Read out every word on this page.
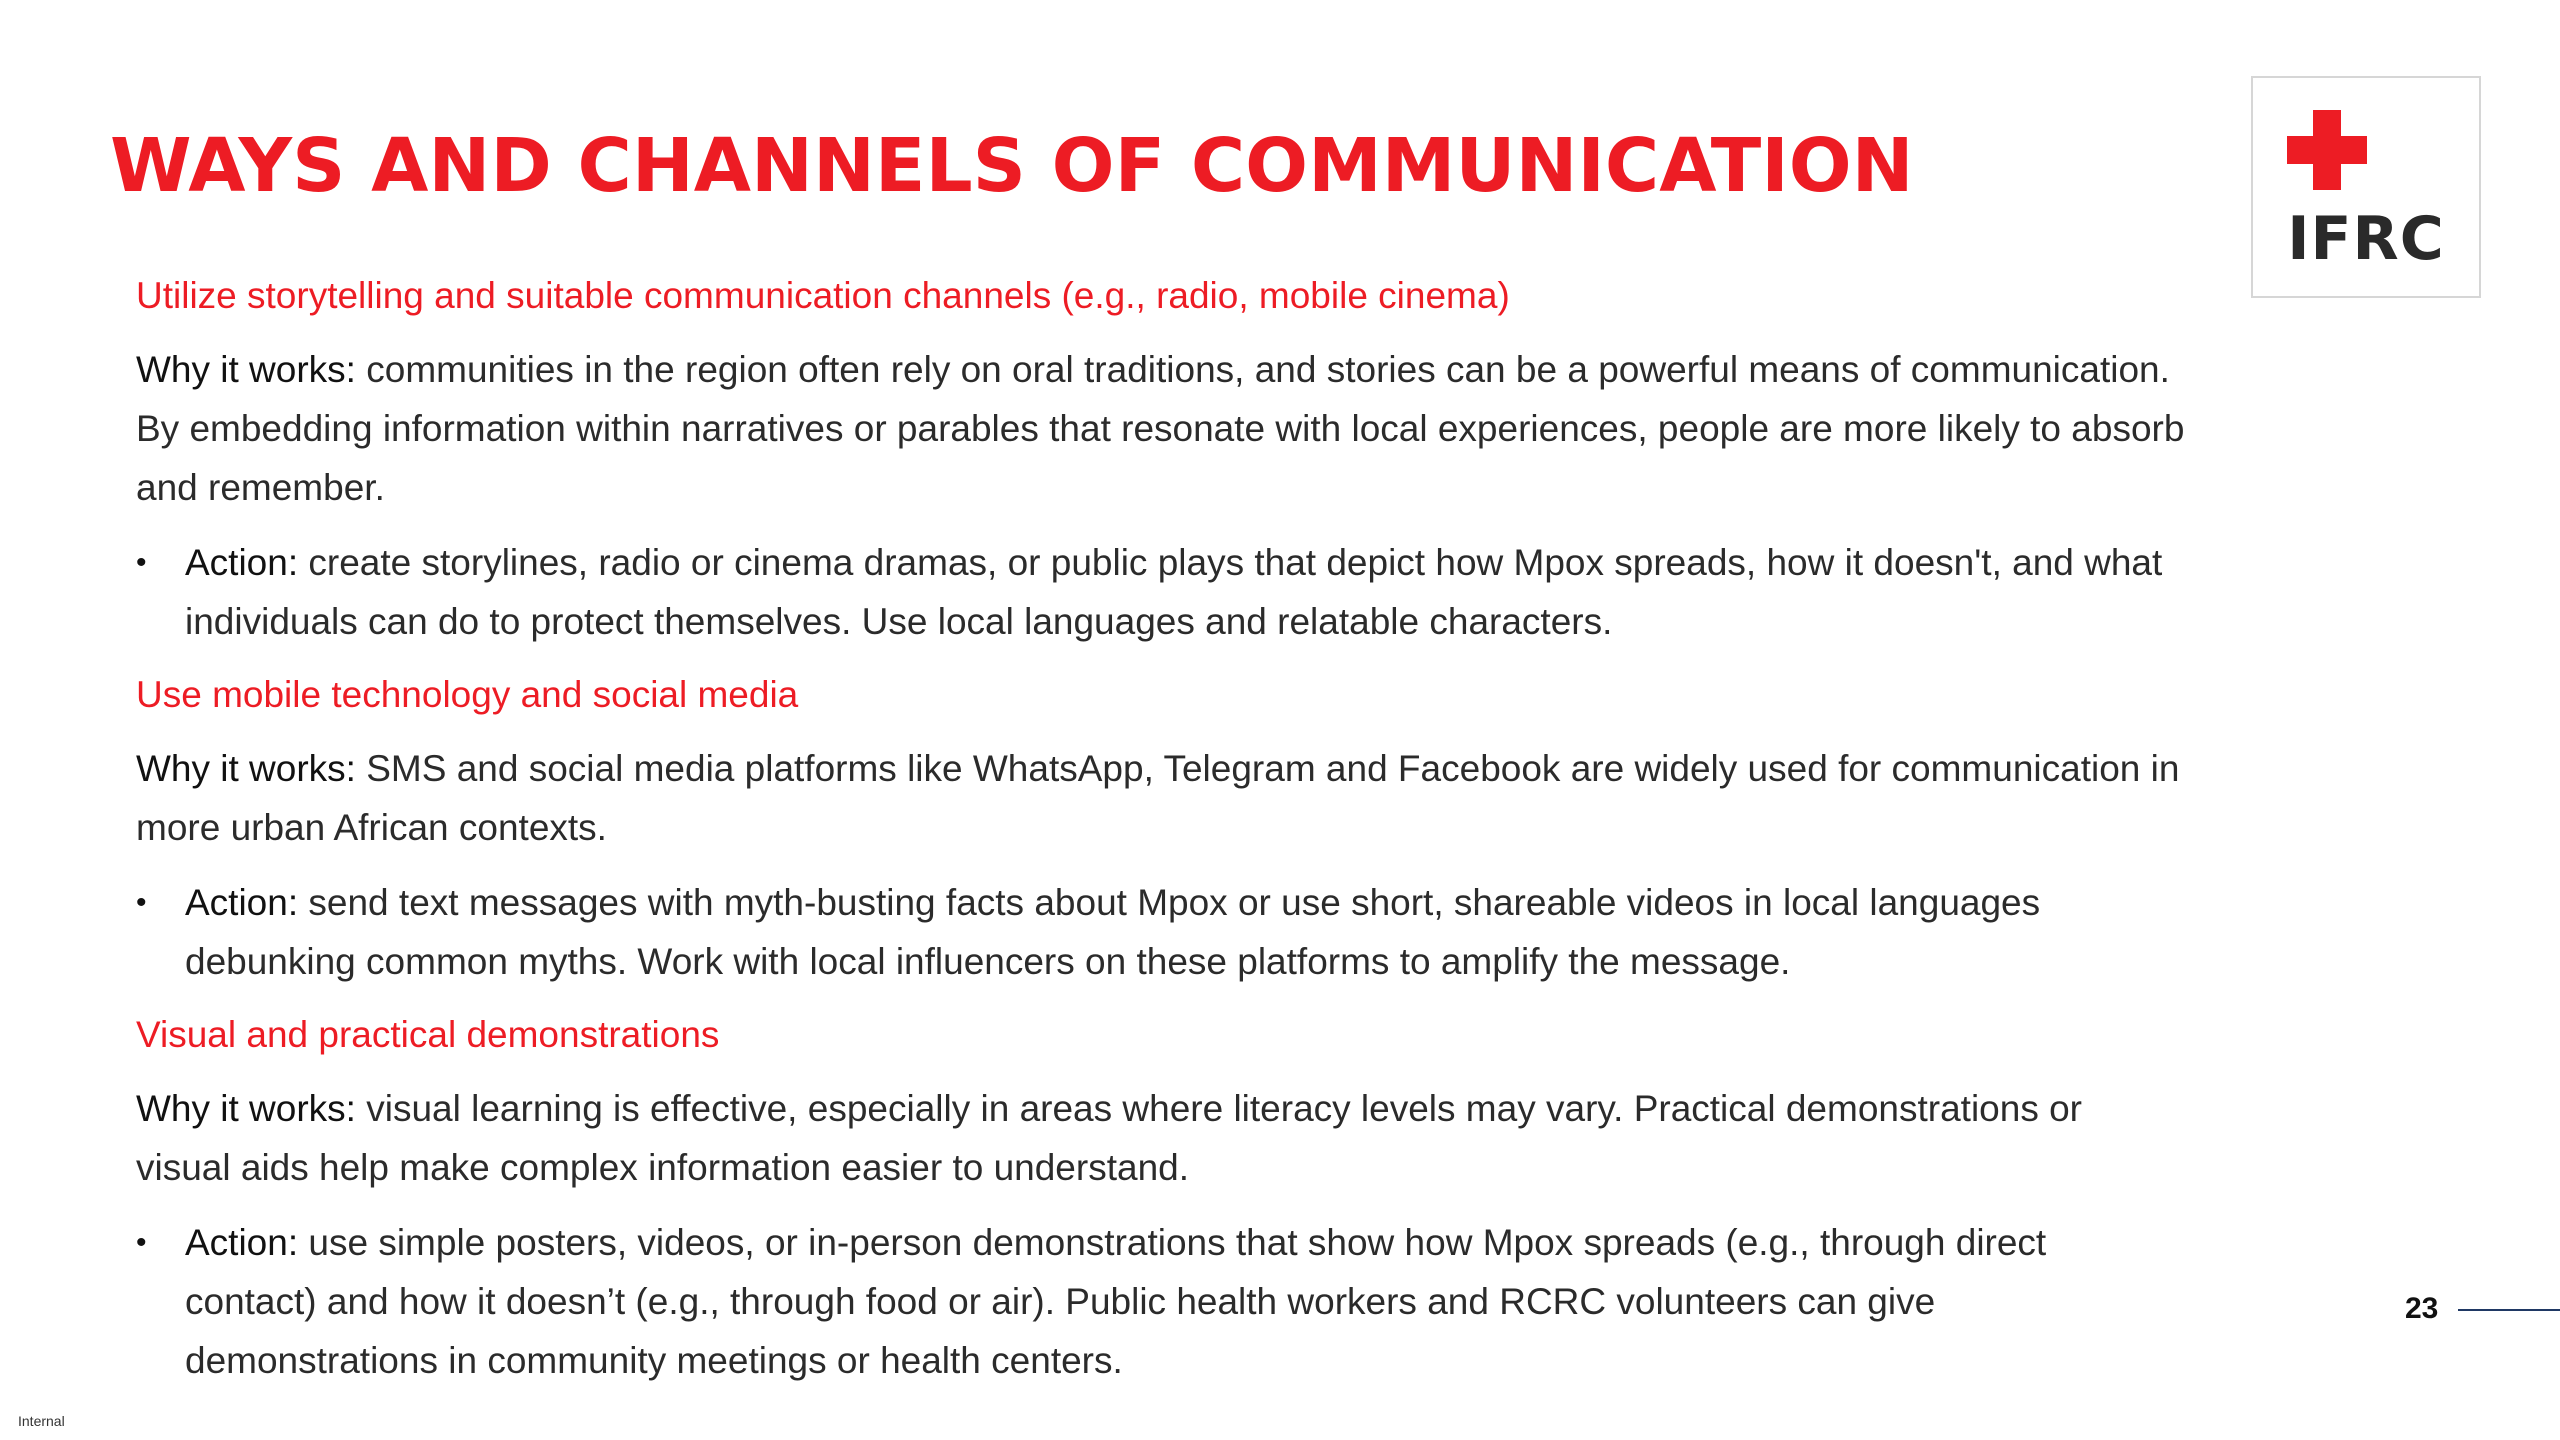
WAYS AND CHANNELS OF COMMUNICATION
IFRC

Utilize storytelling and suitable communication channels (e.g., radio, mobile cinema)

Why it works: communities in the region often rely on oral traditions, and stories can be a powerful means of communication. By embedding information within narratives or parables that resonate with local experiences, people are more likely to absorb and remember.

• Action: create storylines, radio or cinema dramas, or public plays that depict how Mpox spreads, how it doesn't, and what individuals can do to protect themselves. Use local languages and relatable characters.

Use mobile technology and social media

Why it works: SMS and social media platforms like WhatsApp, Telegram and Facebook are widely used for communication in more urban African contexts.

• Action: send text messages with myth-busting facts about Mpox or use short, shareable videos in local languages debunking common myths. Work with local influencers on these platforms to amplify the message.

Visual and practical demonstrations

Why it works: visual learning is effective, especially in areas where literacy levels may vary. Practical demonstrations or visual aids help make complex information easier to understand.

• Action: use simple posters, videos, or in-person demonstrations that show how Mpox spreads (e.g., through direct contact) and how it doesn’t (e.g., through food or air). Public health workers and RCRC volunteers can give demonstrations in community meetings or health centers.
23
Internal
